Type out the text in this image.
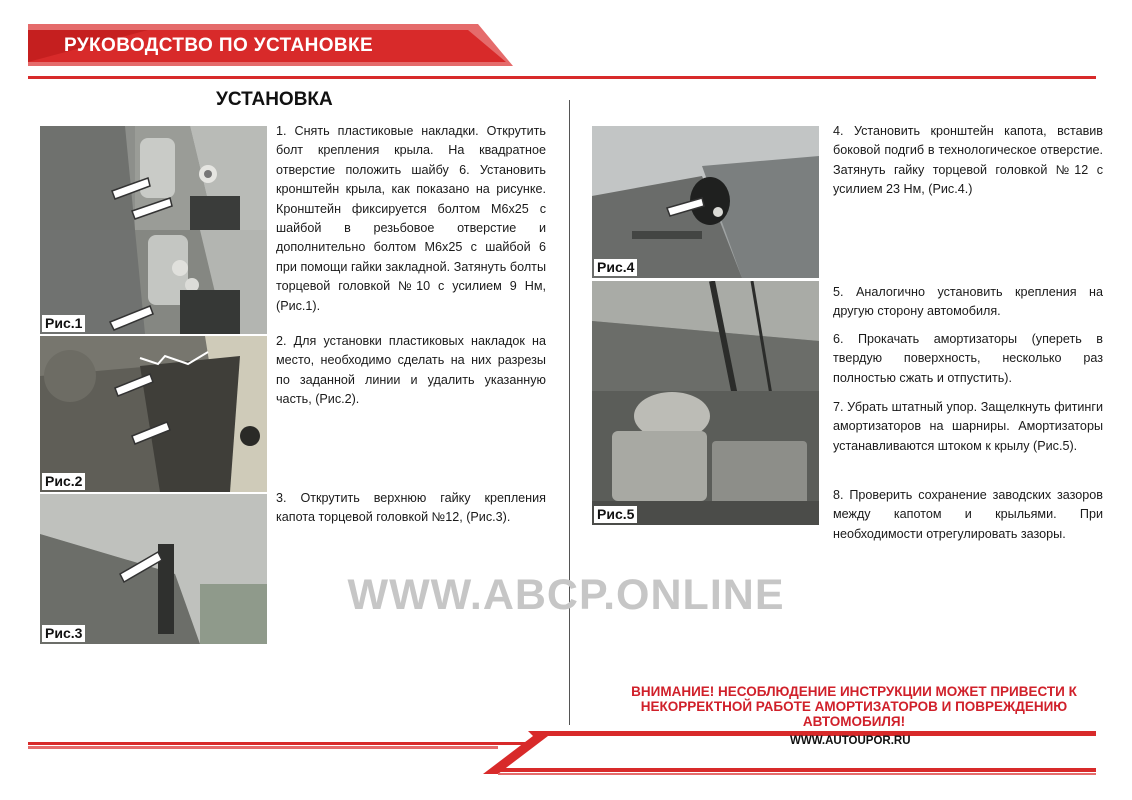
РУКОВОДСТВО ПО УСТАНОВКЕ
УСТАНОВКА
Рис.1
Рис.2
Рис.3

1. Снять пластиковые накладки. Открутить болт крепления крыла. На квадратное отверстие положить шайбу 6. Установить кронштейн крыла, как показано на рисунке. Кронштейн фиксируется болтом М6х25 с шайбой в резьбовое отверстие и дополнительно болтом М6х25 с шайбой 6 при помощи гайки закладной. Затянуть болты торцевой головкой №10 с усилием 9 Нм, (Рис.1).

2. Для установки пластиковых накладок на место, необходимо сделать на них разрезы по заданной линии и удалить указанную часть, (Рис.2).

3. Открутить верхнюю гайку крепления капота торцевой головкой №12, (Рис.3).

Рис.4
Рис.5

4. Установить кронштейн капота, вставив боковой подгиб в технологическое отверстие. Затянуть гайку торцевой головкой №12 с усилием 23 Нм, (Рис.4.)

5. Аналогично установить крепления на другую сторону автомобиля.

6. Прокачать амортизаторы (упереть в твердую поверхность, несколько раз полностью сжать и отпустить).

7. Убрать штатный упор. Защелкнуть фитинги амортизаторов на шарниры. Амортизаторы устанавливаются штоком к крылу (Рис.5).

8. Проверить сохранение заводских зазоров между капотом и крыльями. При необходимости отрегулировать зазоры.

WWW.ABCP.ONLINE

ВНИМАНИЕ! НЕСОБЛЮДЕНИЕ ИНСТРУКЦИИ МОЖЕТ ПРИВЕСТИ К НЕКОРРЕКТНОЙ РАБОТЕ АМОРТИЗАТОРОВ И ПОВРЕЖДЕНИЮ АВТОМОБИЛЯ!

WWW.AUTOUPOR.RU
